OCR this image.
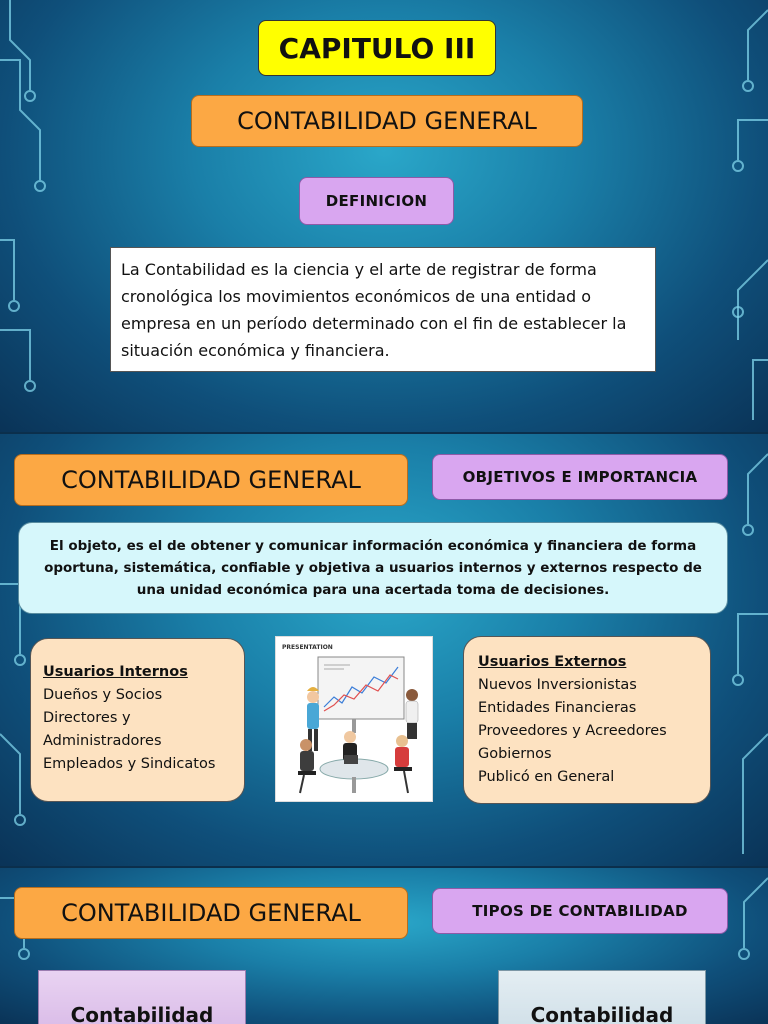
CAPITULO III
CONTABILIDAD GENERAL
DEFINICION

La Contabilidad es la ciencia y el arte de registrar de forma cronológica los movimientos económicos de una entidad o empresa en un período determinado con el fin de establecer la situación económica y financiera.

CONTABILIDAD GENERAL	OBJETIVOS E IMPORTANCIA

El objeto, es el de obtener y comunicar información económica y financiera de forma oportuna, sistemática, confiable y objetiva a usuarios internos y externos respecto de una unidad económica para una acertada toma de decisiones.

Usuarios Internos
Dueños y Socios
Directores y
Administradores
Empleados y Sindicatos
Usuarios Externos
Nuevos Inversionistas
Entidades Financieras
Proveedores y Acreedores
Gobiernos
Publicó en General
PRESENTATION
CONTABILIDAD GENERAL	TIPOS DE CONTABILIDAD
Contabilidad	Contabilidad
